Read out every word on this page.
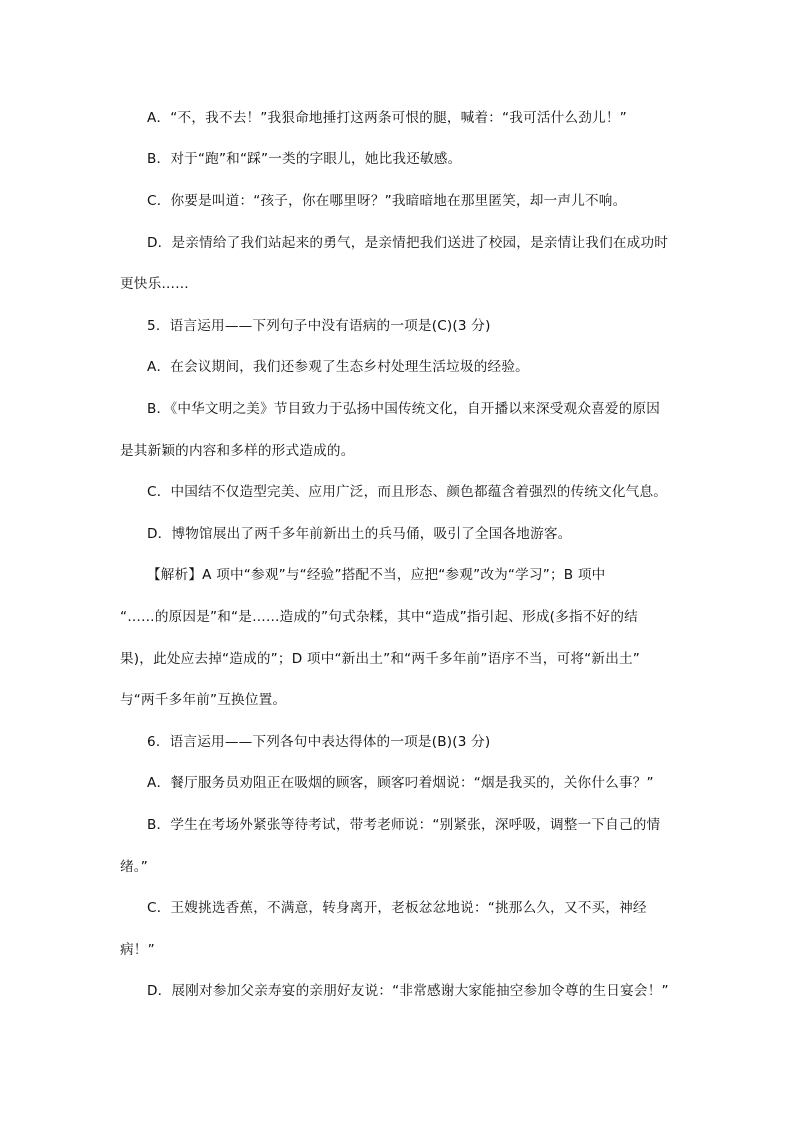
A．“不，我不去！”我狠命地捶打这两条可恨的腿，喊着：“我可活什么劲儿！”
B．对于“跑”和“踩”一类的字眼儿，她比我还敏感。
C．你要是叫道：“孩子，你在哪里呀？”我暗暗地在那里匿笑，却一声儿不响。
D．是亲情给了我们站起来的勇气，是亲情把我们送进了校园，是亲情让我们在成功时
更快乐……
5．语言运用——下列句子中没有语病的一项是(C)(3 分)
A．在会议期间，我们还参观了生态乡村处理生活垃圾的经验。
B．《中华文明之美》节目致力于弘扬中国传统文化，自开播以来深受观众喜爱的原因
是其新颖的内容和多样的形式造成的。
C．中国结不仅造型完美、应用广泛，而且形态、颜色都蕴含着强烈的传统文化气息。
D．博物馆展出了两千多年前新出土的兵马俑，吸引了全国各地游客。
【解析】A 项中“参观”与“经验”搭配不当，应把“参观”改为“学习”；B 项中
“……的原因是”和“是……造成的”句式杂糅，其中“造成”指引起、形成(多指不好的结
果)，此处应去掉“造成的”；D 项中“新出土”和“两千多年前”语序不当，可将“新出土”
与“两千多年前”互换位置。
6．语言运用——下列各句中表达得体的一项是(B)(3 分)
A．餐厅服务员劝阻正在吸烟的顾客，顾客叼着烟说：“烟是我买的，关你什么事？”
B．学生在考场外紧张等待考试，带考老师说：“别紧张，深呼吸，调整一下自己的情
绪。”
C．王嫂挑选香蕉，不满意，转身离开，老板忿忿地说：“挑那么久，又不买，神经
病！”
D．展刚对参加父亲寿宴的亲朋好友说：“非常感谢大家能抽空参加令尊的生日宴会！”
